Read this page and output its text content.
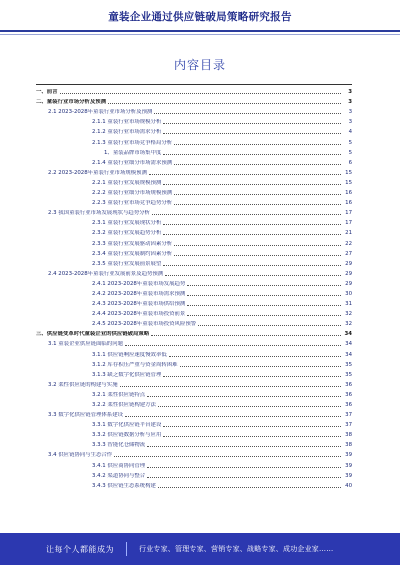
童装企业通过供应链破局策略研究报告
内容目录
一、前言	3
二、童装行业市场分析及预测	3
2.1 2023-2028年童装行业市场分析及预测	3
2.1.1 童装行业市场规模分析	3
2.1.2 童装行业市场需求分析	4
2.1.3 童装行业市场竞争格局分析	5
1、童装品牌市场集中度	5
2.1.4 童装行业细分市场需求预测	6
2.2 2023-2028年童装行业市场规模预测	15
2.2.1 童装行业发展规模预测	15
2.2.2 童装行业细分市场规模预测	16
2.2.3 童装行业市场竞争趋势分析	16
2.3 我国童装行业市场发展现状与趋势分析	17
2.3.1 童装行业发展现状分析	17
2.3.2 童装行业发展趋势分析	21
2.3.3 童装行业发展驱动因素分析	22
2.3.4 童装行业发展制约因素分析	27
2.3.5 童装行业发展前景展望	29
2.4 2023-2028年童装行业发展前景及趋势预测	29
2.4.1 2023-2028年童装市场发展趋势	29
2.4.2 2023-2028年童装市场需求预测	30
2.4.3 2023-2028年童装市场供给预测	31
2.4.4 2023-2028年童装市场投资前景	32
2.4.5 2023-2028年童装市场投资风险预警	32
三、供应链变革时代童装企业的供应链破局策略	34
3.1 童装企业供应链面临的问题	34
3.1.1 供应链响应速度慢效率低	34
3.1.2 库存积压严重与资金周转困难	35
3.1.3 缺乏数字化供应链管理	35
3.2 柔性供应链的构建与实施	36
3.2.1 柔性供应链特点	36
3.2.2 柔性供应链构建方法	36
3.3 数字化供应链管理体系建设	37
3.3.1 数字化供应链平台建设	37
3.3.2 供应链数据分析与应用	38
3.3.3 智能化仓储物流	38
3.4 供应链协同与生态合作	39
3.4.1 供应商协同管理	39
3.4.2 渠道协同与整合	39
3.4.3 供应链生态系统构建	40
让每个人都能成为	行业专家、管理专家、营销专家、战略专家、成功企业家……
